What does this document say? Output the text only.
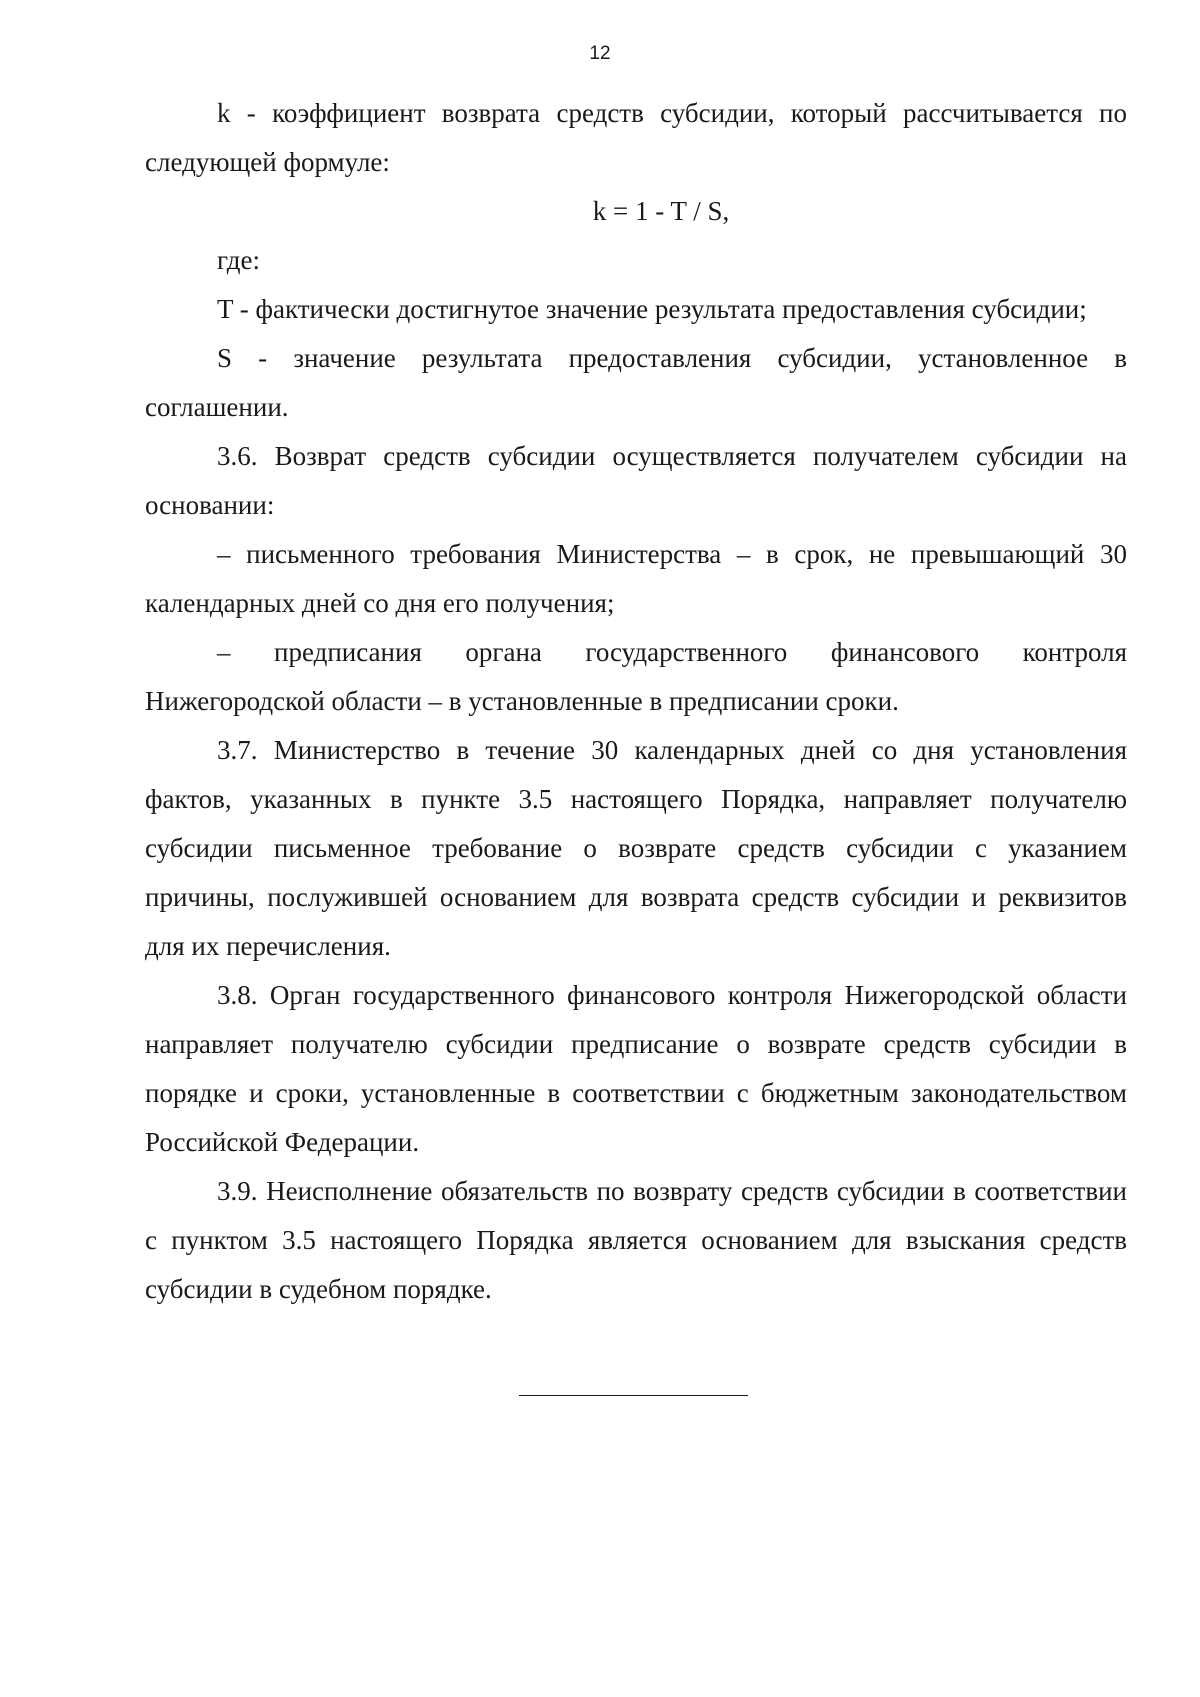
12

k - коэффициент возврата средств субсидии, который рассчитывается по следующей формуле:

k = 1 - T / S,

где:

T - фактически достигнутое значение результата предоставления субсидии;

S - значение результата предоставления субсидии, установленное в соглашении.

3.6. Возврат средств субсидии осуществляется получателем субсидии на основании:

– письменного требования Министерства – в срок, не превышающий 30 календарных дней со дня его получения;

– предписания органа государственного финансового контроля Нижегородской области – в установленные в предписании сроки.

3.7. Министерство в течение 30 календарных дней со дня установления фактов, указанных в пункте 3.5 настоящего Порядка, направляет получателю субсидии письменное требование о возврате средств субсидии с указанием причины, послужившей основанием для возврата средств субсидии и реквизитов для их перечисления.

3.8. Орган государственного финансового контроля Нижегородской области направляет получателю субсидии предписание о возврате средств субсидии в порядке и сроки, установленные в соответствии с бюджетным законодательством Российской Федерации.

3.9. Неисполнение обязательств по возврату средств субсидии в соответствии с пунктом 3.5 настоящего Порядка является основанием для взыскания средств субсидии в судебном порядке.
